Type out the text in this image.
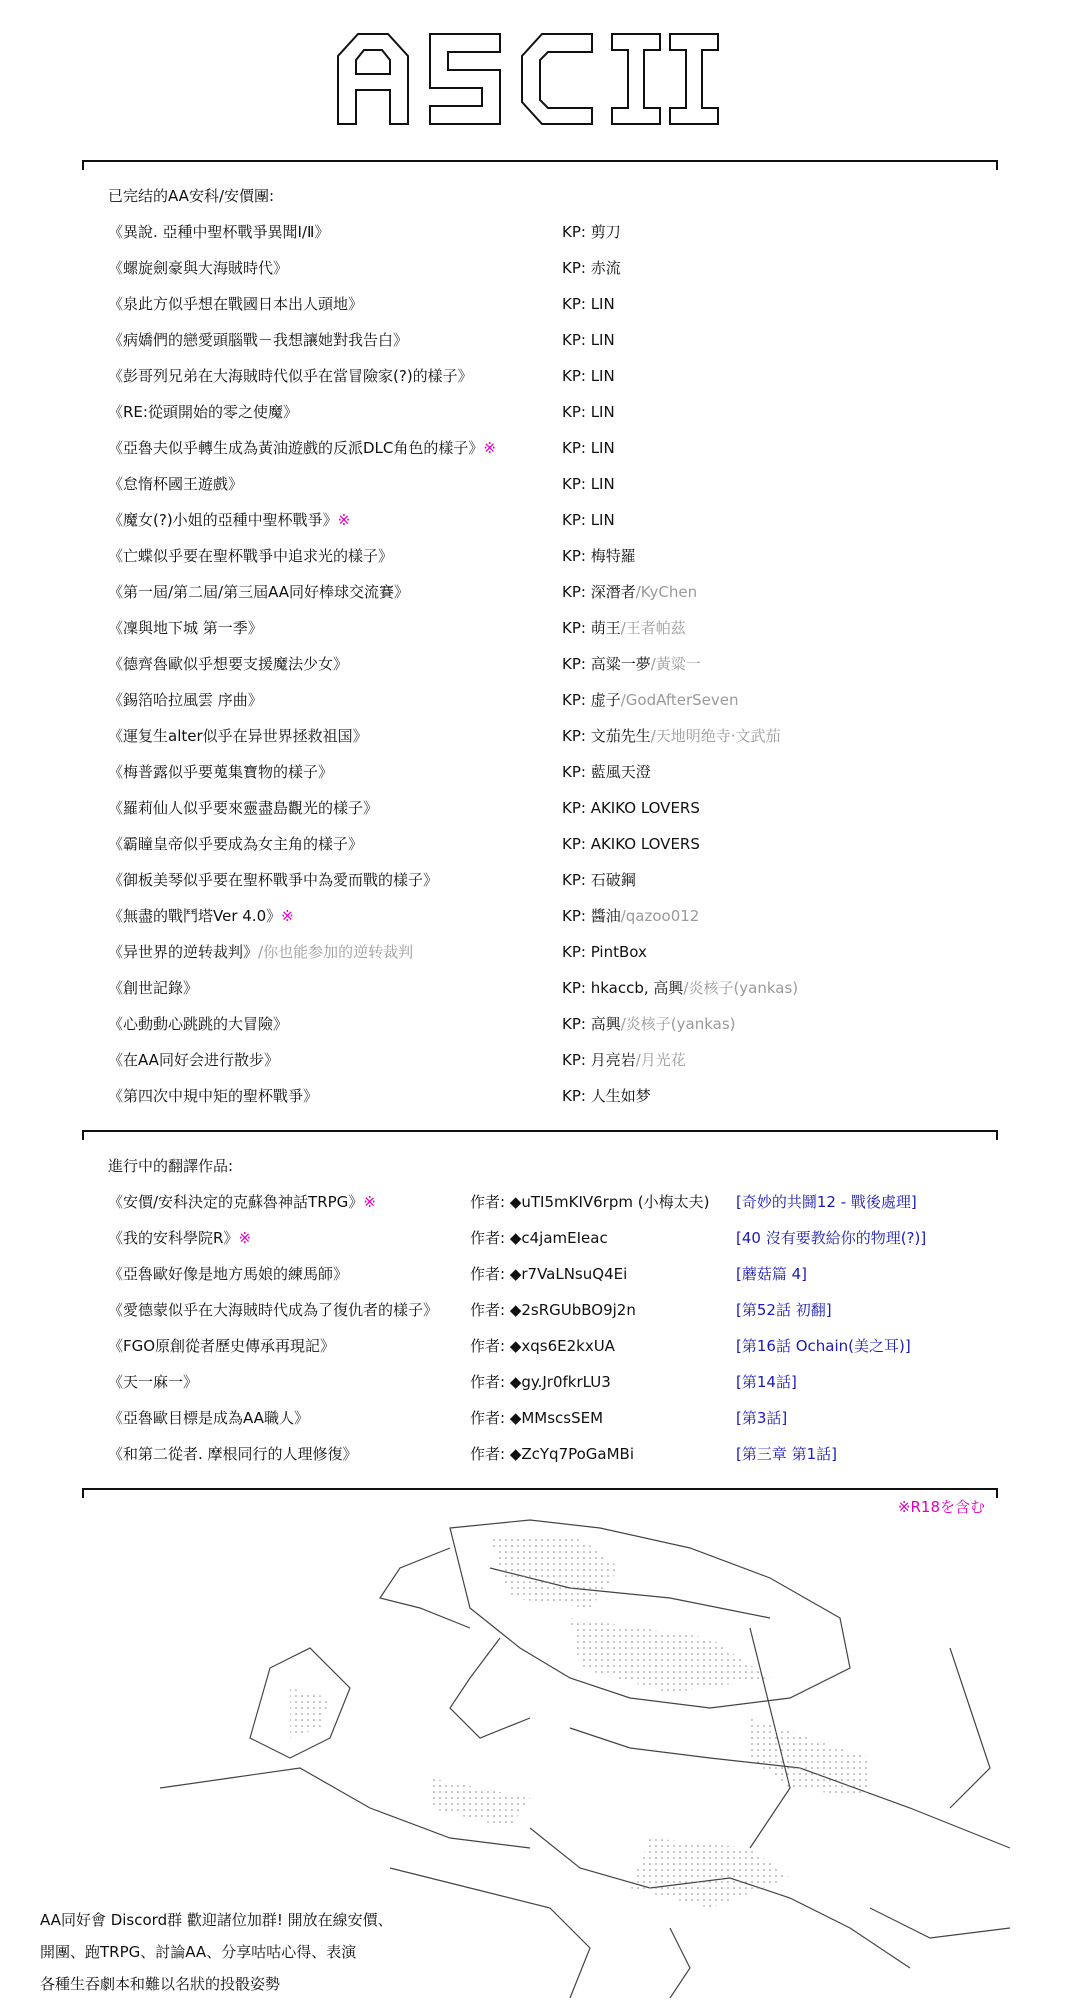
已完结的AA安科/安價團:
《異說. 亞種中聖杯戰爭異聞Ⅰ/Ⅱ》	KP: 剪刀
《螺旋劍豪與大海賊時代》	KP: 赤流
《泉此方似乎想在戰國日本出人頭地》	KP: LIN
《病嬌們的戀愛頭腦戰－我想讓她對我告白》	KP: LIN
《彭哥列兄弟在大海賊時代似乎在當冒險家(?)的樣子》	KP: LIN
《RE:從頭開始的零之使魔》	KP: LIN
《亞魯夫似乎轉生成為黃油遊戲的反派DLC角色的樣子》※	KP: LIN
《怠惰杯國王遊戲》	KP: LIN
《魔女(?)小姐的亞種中聖杯戰爭》※	KP: LIN
《亡蝶似乎要在聖杯戰爭中追求光的樣子》	KP: 梅特羅
《第一屆/第二屆/第三屆AA同好棒球交流賽》	KP: 深潛者/KyChen
《凜與地下城 第一季》	KP: 萌王/王者帕茲
《德齊魯歐似乎想要支援魔法少女》	KP: 高粱一夢/黃粱一
《錫箔哈拉風雲 序曲》	KP: 虚子/GodAfterSeven
《運复生alter似乎在异世界拯救祖国》	KP: 文茄先生/天地明绝寺·文武茄
《梅普露似乎要蒐集寶物的樣子》	KP: 藍風天澄
《羅莉仙人似乎要來靈盡島觀光的樣子》	KP: AKIKO LOVERS
《霸瞳皇帝似乎要成為女主角的樣子》	KP: AKIKO LOVERS
《御板美琴似乎要在聖杯戰爭中為愛而戰的樣子》	KP: 石破鋼
《無盡的戰鬥塔Ver 4.0》※	KP: 醬油/qazoo012
《异世界的逆转裁判》/你也能参加的逆转裁判	KP: PintBox
《創世記錄》	KP: hkaccb, 高興/炎核子(yankas)
《心動動心跳跳的大冒險》	KP: 高興/炎核子(yankas)
《在AA同好会进行散步》	KP: 月亮岩/月光花
《第四次中規中矩的聖杯戰爭》	KP: 人生如梦
進行中的翻譯作品:
《安價/安科決定的克蘇魯神話TRPG》※	作者: ◆uTI5mKIV6rpm (小梅太夫) [奇妙的共鬪12 - 戰後處理]
《我的安科學院R》※	作者: ◆c4jamEIeac	[40 沒有要教給你的物理(?)]
《亞魯歐好像是地方馬娘的練馬師》	作者: ◆r7VaLNsuQ4Ei	[蘑菇篇 4]
《愛德蒙似乎在大海賊時代成為了復仇者的樣子》 作者: ◆2sRGUbBO9j2n	[第52話 初翻]
《FGO原創從者歷史傳承再現記》	作者: ◆xqs6E2kxUA	[第16話 Ochain(美之耳)]
《天一麻一》	作者: ◆gy.Jr0fkrLU3	[第14話]
《亞魯歐目標是成為AA職人》	作者: ◆MMscsSEM	[第3話]
《和第二從者. 摩根同行的人理修復》	作者: ◆ZcYq7PoGaMBi	[第三章 第1話]
※R18を含む
AA同好會 Discord群 歡迎諸位加群! 開放在線安價、
開團、跑TRPG、討論AA、分享咕咕心得、表演
各種生吞劇本和難以名狀的投骰姿勢
